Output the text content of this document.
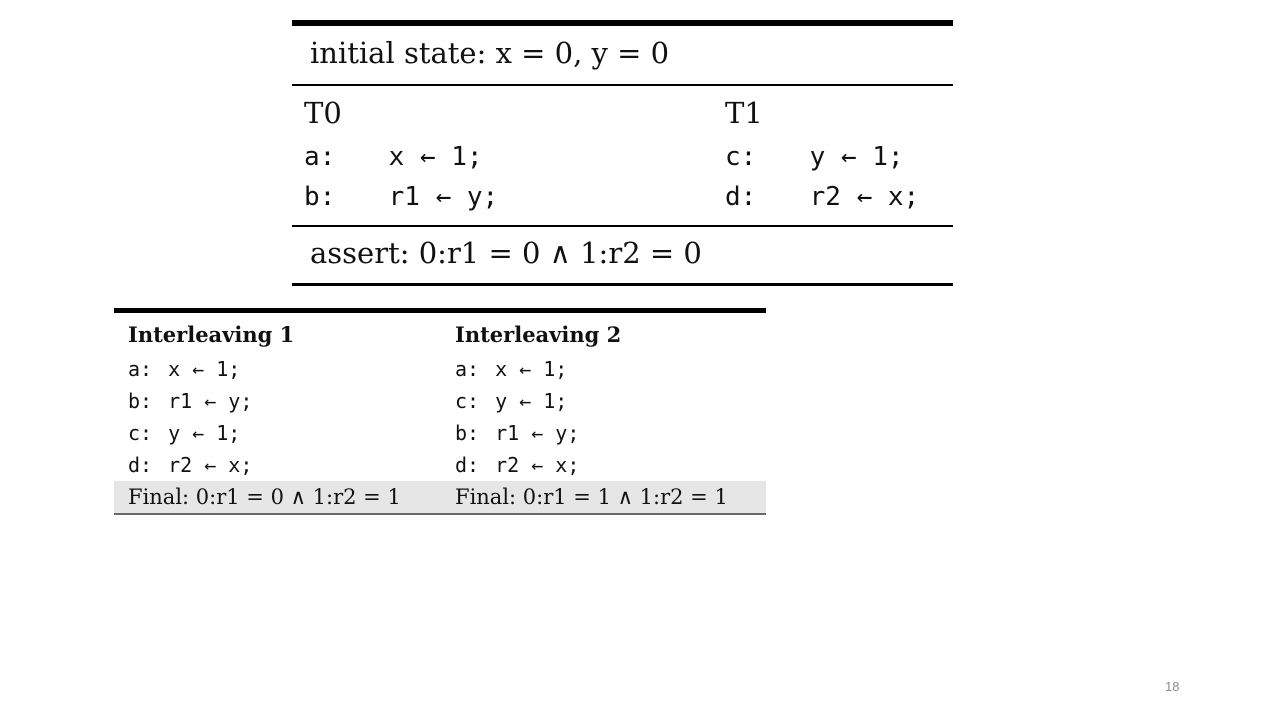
initial state: x = 0, y = 0
T0
a: x ← 1;
b: r1 ← y;
T1
c: y ← 1;
d: r2 ← x;
assert: 0:r1 = 0 ∧ 1:r2 = 0
Interleaving 1
a: x ← 1;
b: r1 ← y;
c: y ← 1;
d: r2 ← x;
Final: 0:r1 = 0 ∧ 1:r2 = 1
Interleaving 2
a: x ← 1;
c: y ← 1;
b: r1 ← y;
d: r2 ← x;
Final: 0:r1 = 1 ∧ 1:r2 = 1
18
